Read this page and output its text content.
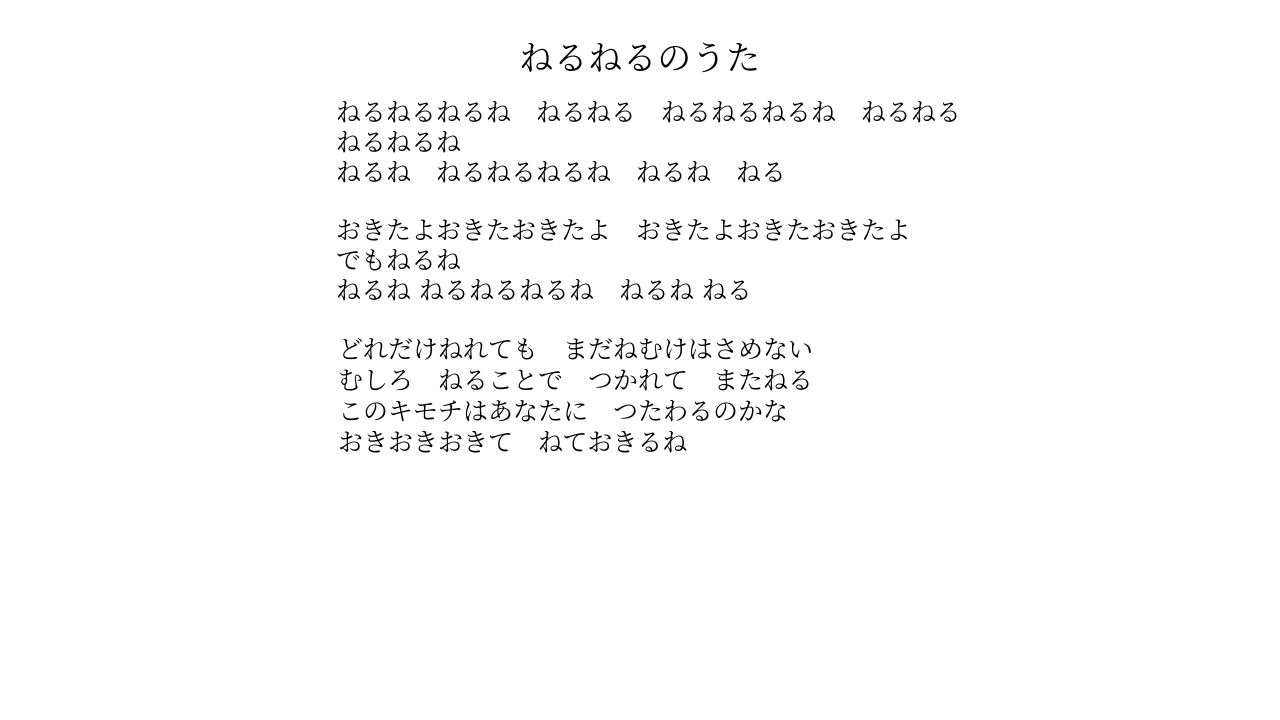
ねるねるのうた
ねるねるねるね　ねるねる　ねるねるねるね　ねるねる
ねるねるね
ねるね　ねるねるねるね　ねるね　ねる
おきたよおきたおきたよ　おきたよおきたおきたよ
でもねるね
ねるね ねるねるねるね　ねるね ねる
どれだけねれても　まだねむけはさめない
むしろ　ねることで　つかれて　またねる
このキモチはあなたに　つたわるのかな
おきおきおきて　ねておきるね
